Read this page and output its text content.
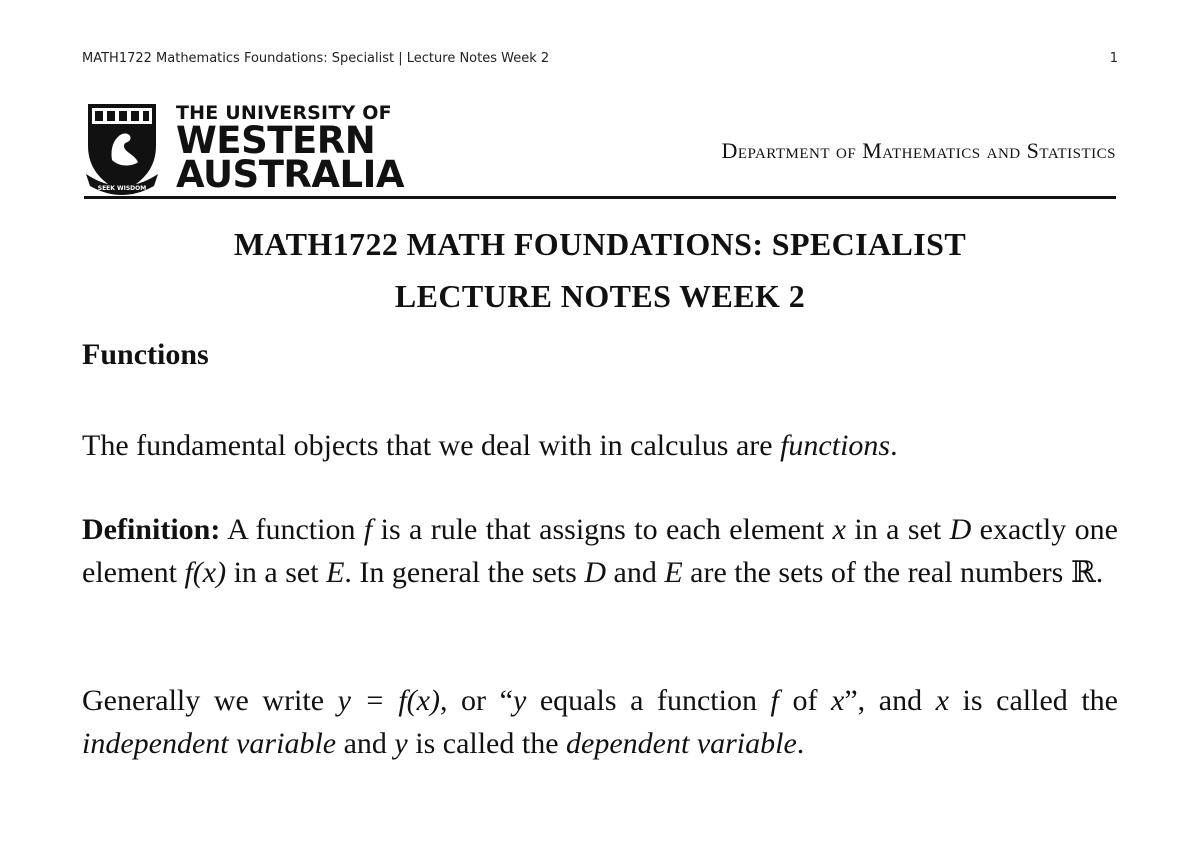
MATH1722 Mathematics Foundations: Specialist | Lecture Notes Week 2	1
SEEK WISDOM
THE UNIVERSITY OF
WESTERN
AUSTRALIA
Department of Mathematics and Statistics
MATH1722 MATH FOUNDATIONS: SPECIALIST
LECTURE NOTES WEEK 2
Functions
The fundamental objects that we deal with in calculus are functions.
Definition: A function f is a rule that assigns to each element x in a set D exactly one element f(x) in a set E. In general the sets D and E are the sets of the real numbers ℝ.
Generally we write y = f(x), or “y equals a function f of x”, and x is called the independent variable and y is called the dependent variable.
